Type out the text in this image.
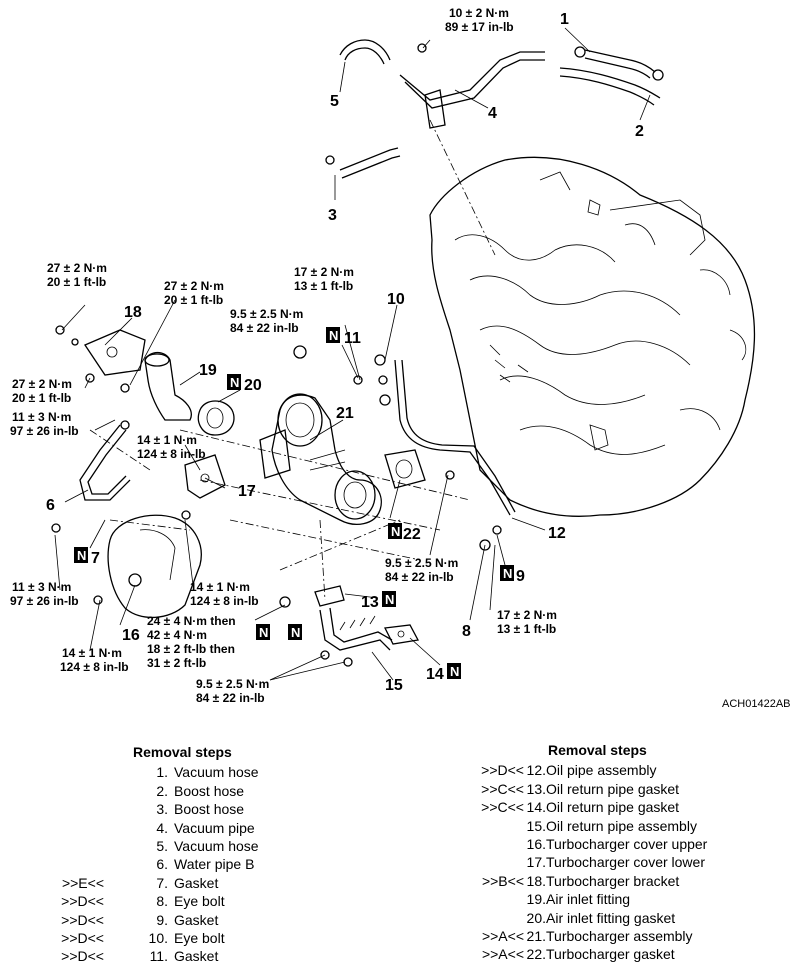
1
2
3
4
5
6
7
8
9
10
11
12
13
14
15
16
17
18
19
20
21
22
N
N
N
N
N
N
N
N N
10 ± 2 N·m 89 ± 17 in-lb
27 ± 2 N·m 20 ± 1 ft-lb	27 ± 2 N·m 20 ± 1 ft-lb
17 ± 2 N·m 13 ± 1 ft-lb
9.5 ± 2.5 N·m 84 ± 22 in-lb
27 ± 2 N·m 20 ± 1 ft-lb
11 ± 3 N·m 97 ± 26 in-lb
14 ± 1 N·m 124 ± 8 in-lb
11 ± 3 N·m 97 ± 26 in-lb
14 ± 1 N·m 124 ± 8 in-lb
14 ± 1 N·m 124 ± 8 in-lb
24 ± 4 N·m then 42 ± 4 N·m 18 ± 2 ft-lb then 31 ± 2 ft-lb
9.5 ± 2.5 N·m 84 ± 22 in-lb
17 ± 2 N·m 13 ± 1 ft-lb
9.5 ± 2.5 N·m 84 ± 22 in-lb	ACH01422AB
Removal steps
1. Vacuum hose
2. Boost hose
3. Boost hose
4. Vacuum pipe
5. Vacuum hose
6. Water pipe B
>>E<<	7. Gasket
>>D<<	8. Eye bolt
>>D<<	9. Gasket
>>D<<	10. Eye bolt
>>D<<	11. Gasket
Removal steps
>>D<< 12. Oil pipe assembly
>>C<< 13. Oil return pipe gasket
>>C<< 14. Oil return pipe gasket
15. Oil return pipe assembly
16. Turbocharger cover upper
17. Turbocharger cover lower
>>B<< 18. Turbocharger bracket
19. Air inlet fitting
20. Air inlet fitting gasket
>>A<< 21. Turbocharger assembly
>>A<< 22. Turbocharger gasket
